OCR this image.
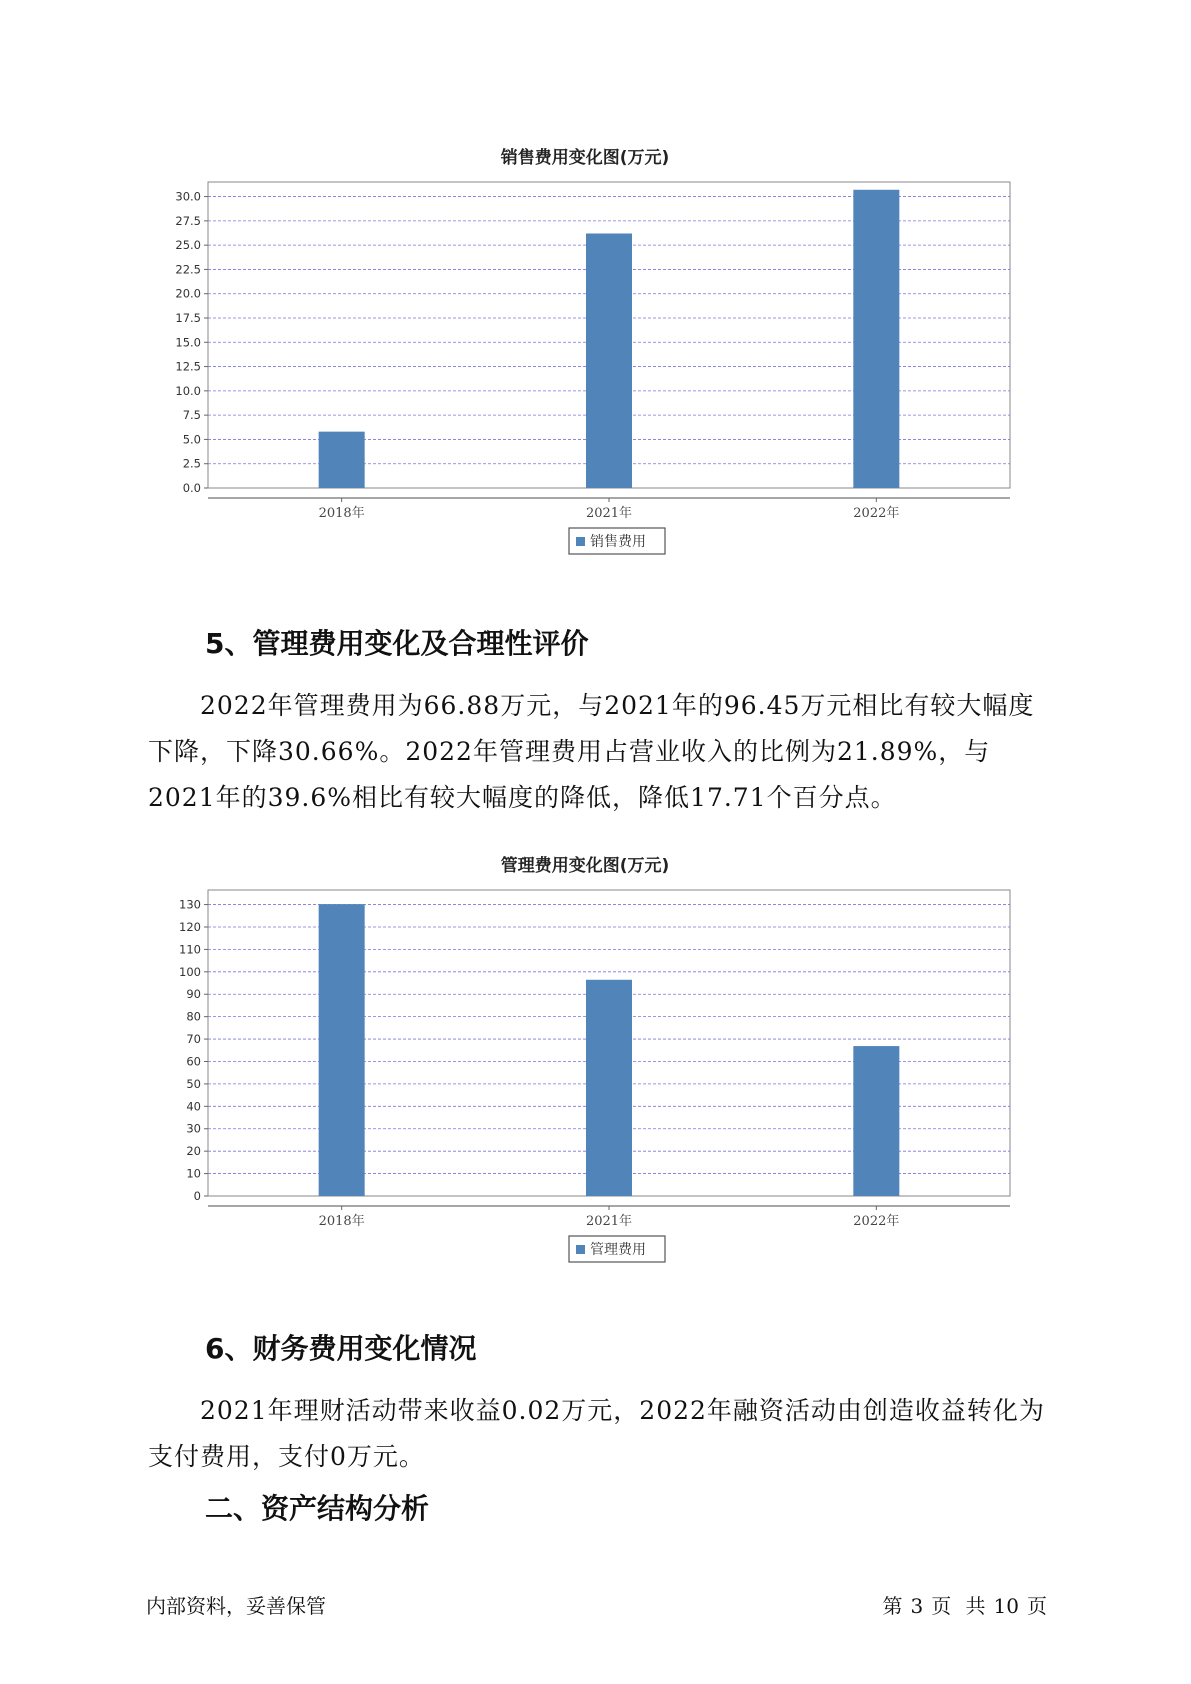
销售费用变化图(万元)
0.0
2.5
5.0
7.5
10.0
12.5
15.0
17.5
20.0
22.5
25.0
27.5
30.0
2018年	2021年	2022年
销售费用
5、管理费用变化及合理性评价

2022年管理费用为66.88万元，与2021年的96.45万元相比有较大幅度下降，下降30.66%。2022年管理费用占营业收入的比例为21.89%，与2021年的39.6%相比有较大幅度的降低，降低17.71个百分点。

管理费用变化图(万元)
0
10
20
30
40
50
60
70
80
90
100
110
120
130
2018年	2021年	2022年
管理费用
6、财务费用变化情况

2021年理财活动带来收益0.02万元，2022年融资活动由创造收益转化为支付费用，支付0万元。

二、资产结构分析
内部资料，妥善保管	第 3 页 共 10 页
